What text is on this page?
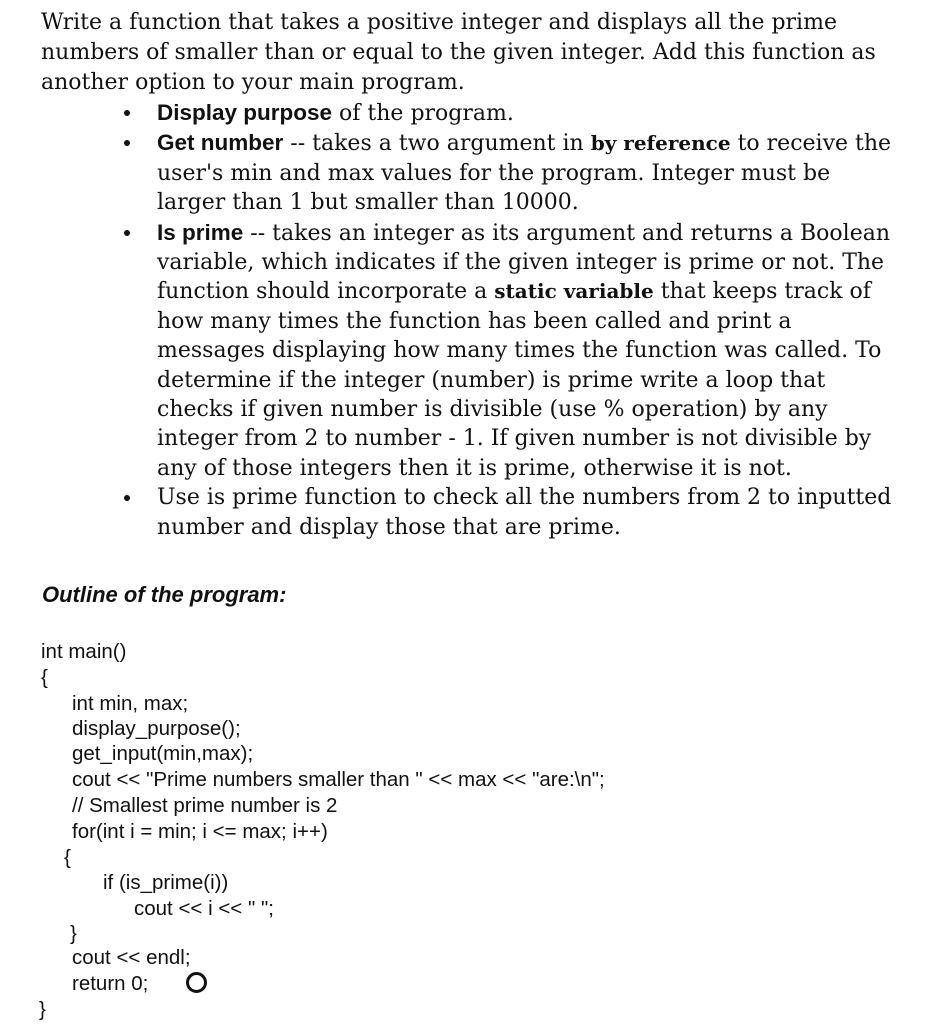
Write a function that takes a positive integer and displays all the prime numbers of smaller than or equal to the given integer. Add this function as another option to your main program.

Display purpose of the program.
Get number -- takes a two argument in by reference to receive the user's min and max values for the program. Integer must be larger than 1 but smaller than 10000.
Is prime -- takes an integer as its argument and returns a Boolean variable, which indicates if the given integer is prime or not. The function should incorporate a static variable that keeps track of how many times the function has been called and print a messages displaying how many times the function was called. To determine if the integer (number) is prime write a loop that checks if given number is divisible (use % operation) by any integer from 2 to number - 1. If given number is not divisible by any of those integers then it is prime, otherwise it is not.
Use is prime function to check all the numbers from 2 to inputted number and display those that are prime.
Outline of the program:
int main()
{
int min, max;
display_purpose();
get_input(min,max);
cout << "Prime numbers smaller than " << max << "are:\n";
// Smallest prime number is 2
for(int i = min; i <= max; i++)
{
if (is_prime(i))
cout << i << " ";
}
cout << endl;
return 0;
}
